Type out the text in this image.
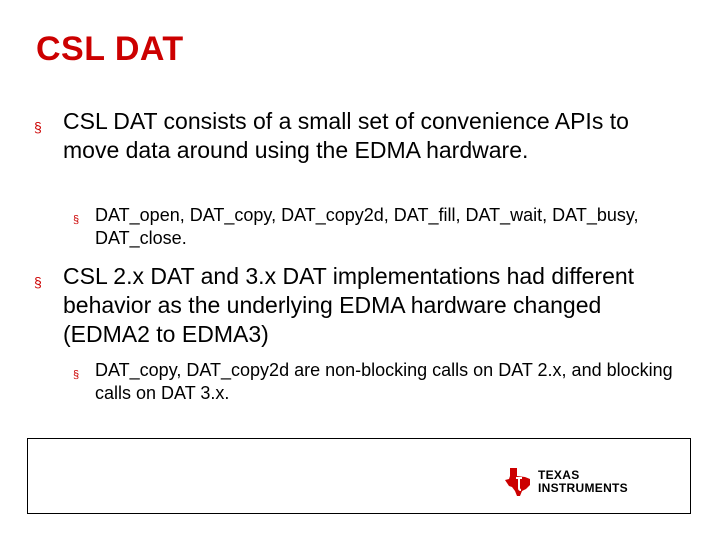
CSL DAT
§ CSL DAT consists of a small set of convenience APIs to move data around using the EDMA hardware.
§ DAT_open, DAT_copy, DAT_copy2d, DAT_fill, DAT_wait, DAT_busy, DAT_close.
§ CSL 2.x DAT and 3.x DAT implementations had different behavior as the underlying EDMA hardware changed (EDMA2 to EDMA3)
§ DAT_copy, DAT_copy2d are non-blocking calls on DAT 2.x, and blocking calls on DAT 3.x.
TEXAS
INSTRUMENTS
